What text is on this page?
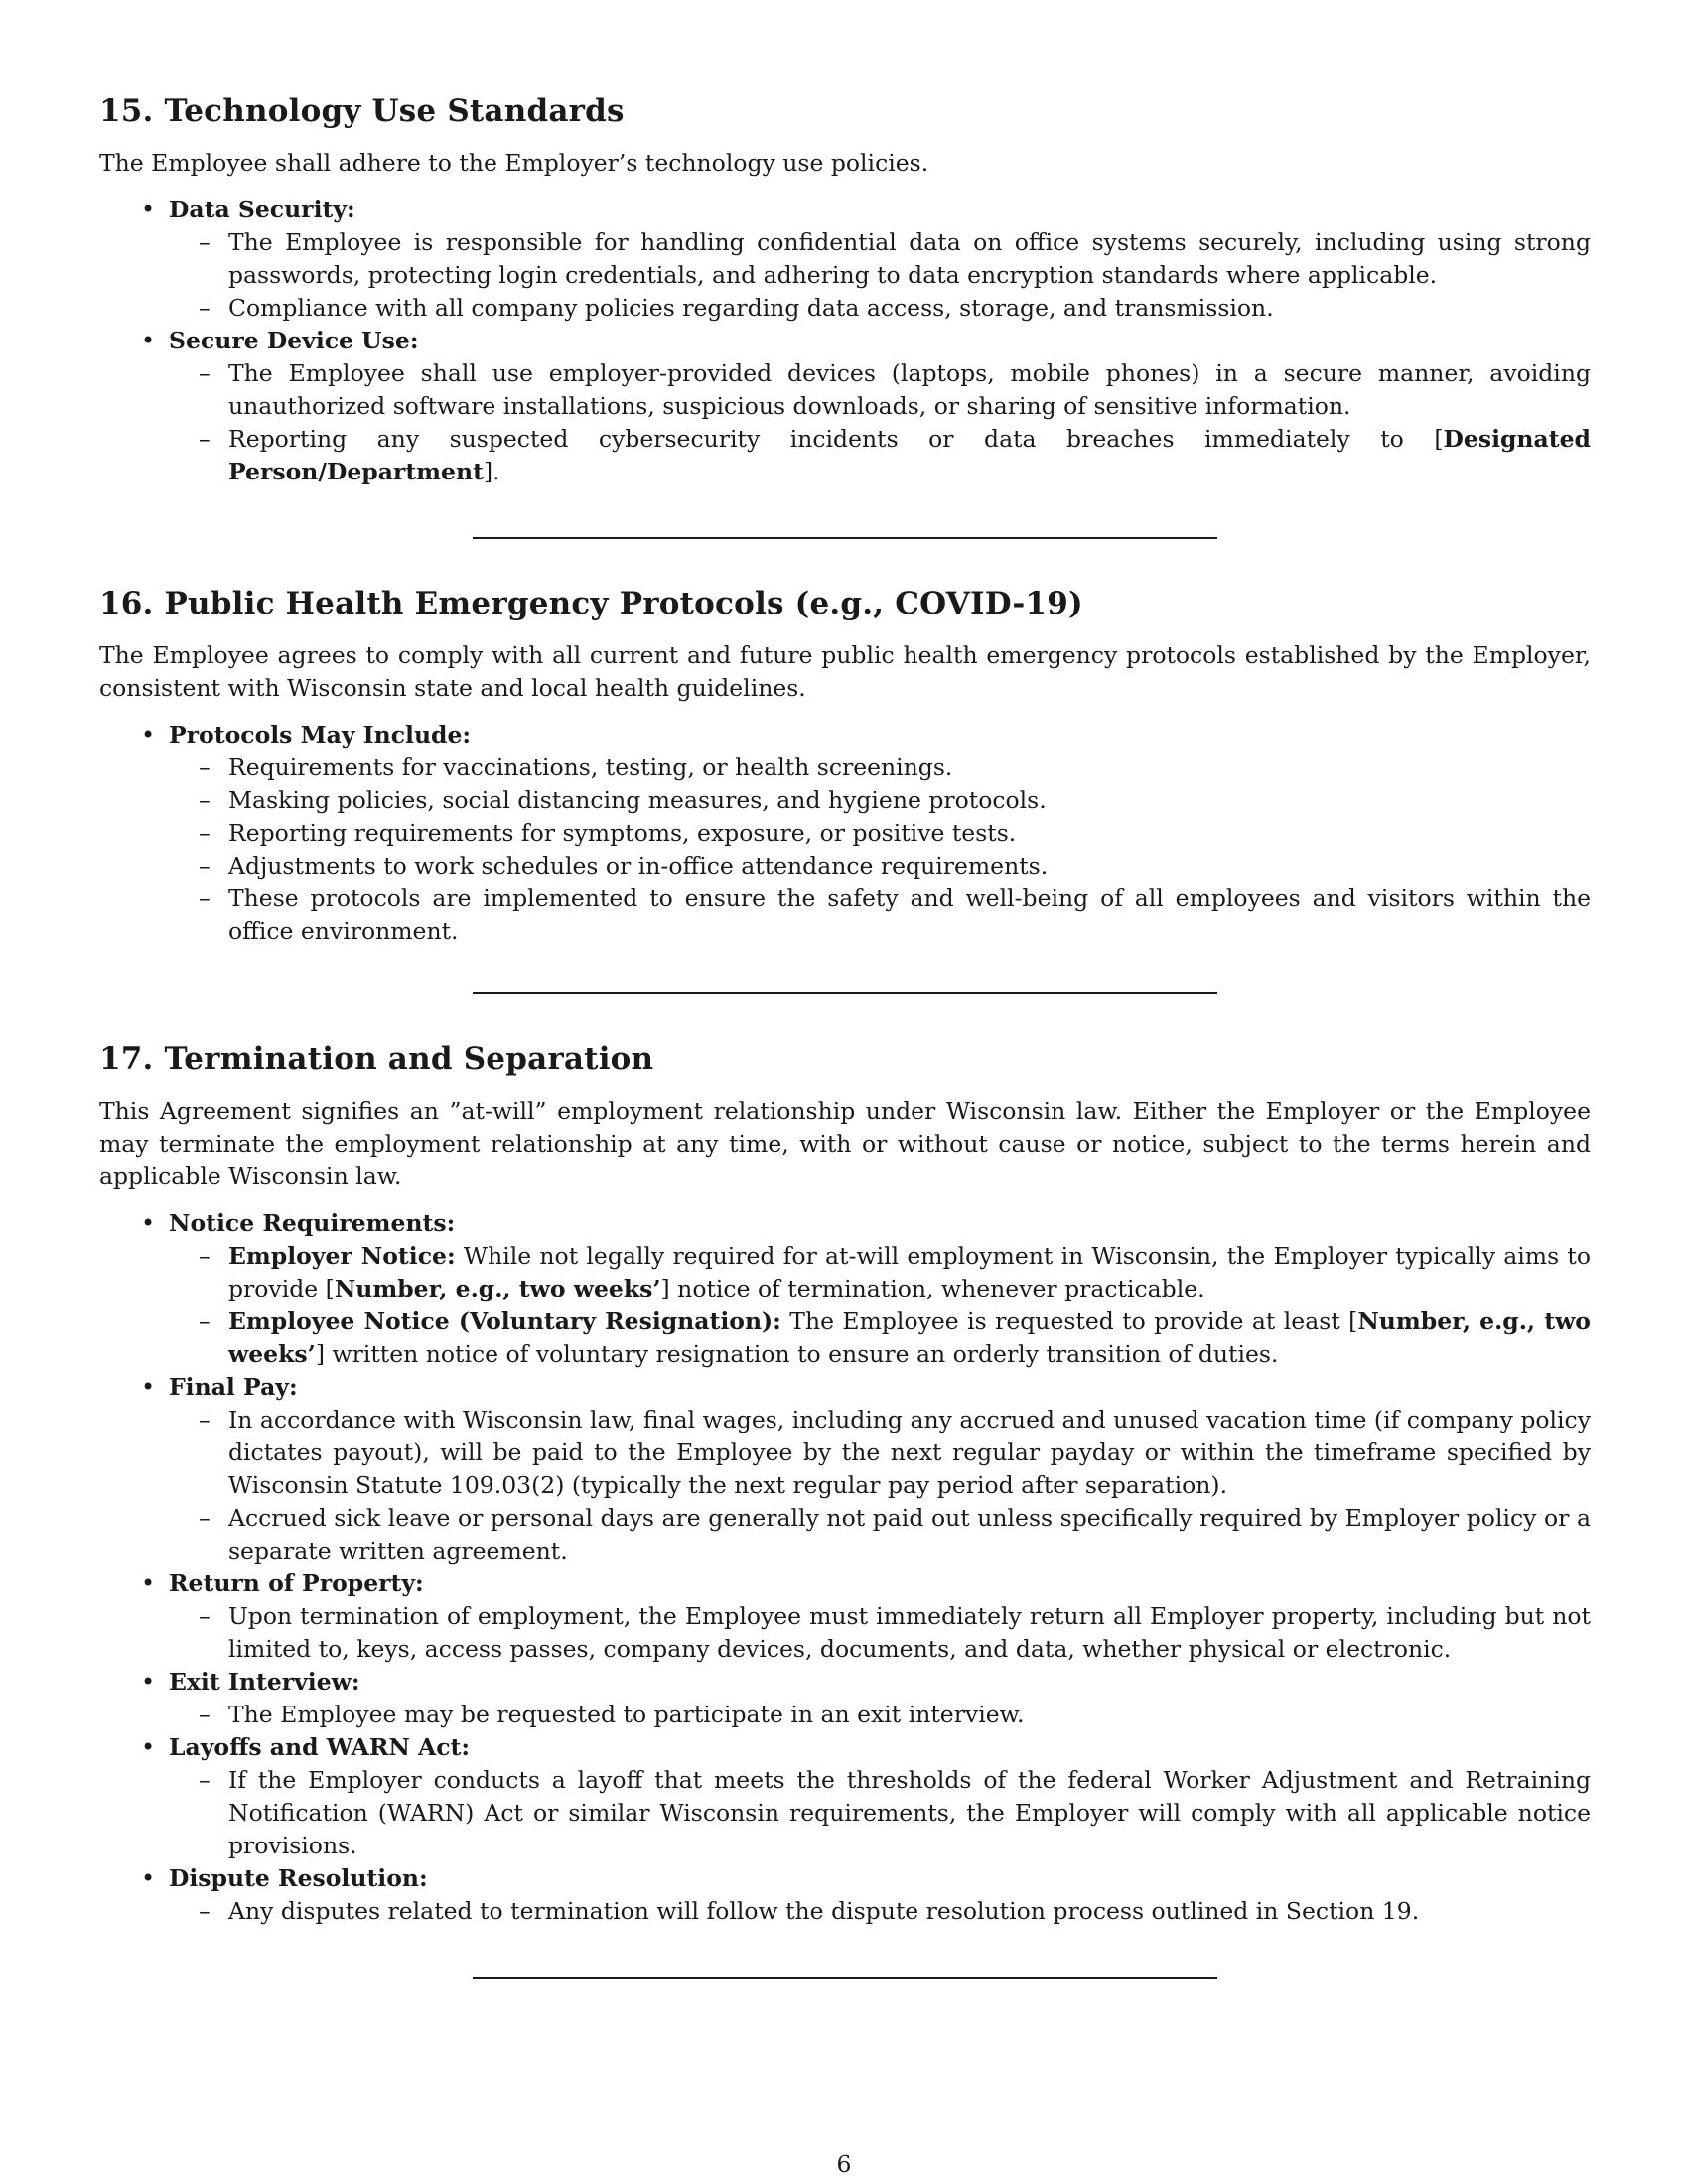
15. Technology Use Standards

The Employee shall adhere to the Employer’s technology use policies.

• Data Security:
– The Employee is responsible for handling confidential data on office systems securely, including using strong passwords, protecting login credentials, and adhering to data encryption standards where applicable.
– Compliance with all company policies regarding data access, storage, and transmission.
• Secure Device Use:
– The Employee shall use employer-provided devices (laptops, mobile phones) in a secure manner, avoiding unauthorized software installations, suspicious downloads, or sharing of sensitive information.
– Reporting any suspected cybersecurity incidents or data breaches immediately to [Designated Person/Department].
16. Public Health Emergency Protocols (e.g., COVID-19)

The Employee agrees to comply with all current and future public health emergency protocols established by the Employer, consistent with Wisconsin state and local health guidelines.

• Protocols May Include:
– Requirements for vaccinations, testing, or health screenings.
– Masking policies, social distancing measures, and hygiene protocols.
– Reporting requirements for symptoms, exposure, or positive tests.
– Adjustments to work schedules or in-office attendance requirements.
– These protocols are implemented to ensure the safety and well-being of all employees and visitors within the office environment.
17. Termination and Separation

This Agreement signifies an ”at-will” employment relationship under Wisconsin law. Either the Employer or the Employee may terminate the employment relationship at any time, with or without cause or notice, subject to the terms herein and applicable Wisconsin law.

• Notice Requirements:
– Employer Notice: While not legally required for at-will employment in Wisconsin, the Employer typically aims to provide [Number, e.g., two weeks’] notice of termination, whenever practicable.
– Employee Notice (Voluntary Resignation): The Employee is requested to provide at least [Number, e.g., two weeks’] written notice of voluntary resignation to ensure an orderly transition of duties.
• Final Pay:
– In accordance with Wisconsin law, final wages, including any accrued and unused vacation time (if company policy dictates payout), will be paid to the Employee by the next regular payday or within the timeframe specified by Wisconsin Statute 109.03(2) (typically the next regular pay period after separation).
– Accrued sick leave or personal days are generally not paid out unless specifically required by Employer policy or a separate written agreement.
• Return of Property:
– Upon termination of employment, the Employee must immediately return all Employer property, including but not limited to, keys, access passes, company devices, documents, and data, whether physical or electronic.
• Exit Interview:
– The Employee may be requested to participate in an exit interview.
• Layoffs and WARN Act:
– If the Employer conducts a layoff that meets the thresholds of the federal Worker Adjustment and Retraining Notification (WARN) Act or similar Wisconsin requirements, the Employer will comply with all applicable notice provisions.
• Dispute Resolution:
– Any disputes related to termination will follow the dispute resolution process outlined in Section 19.
6
